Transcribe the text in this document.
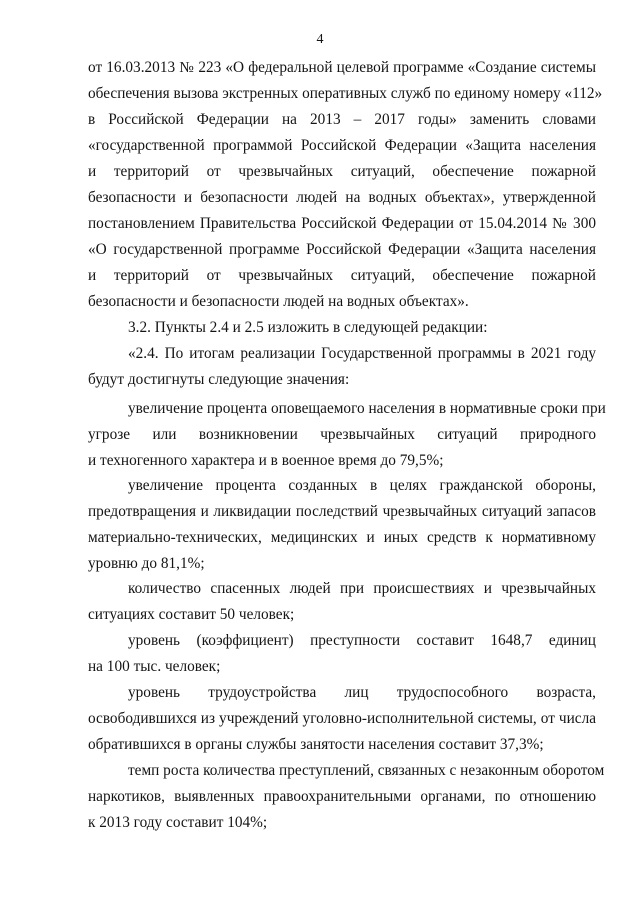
4
от 16.03.2013 № 223 «О федеральной целевой программе «Создание системы
обеспечения вызова экстренных оперативных служб по единому номеру «112»
в Российской Федерации на 2013 – 2017 годы» заменить словами
«государственной программой Российской Федерации «Защита населения
и территорий от чрезвычайных ситуаций, обеспечение пожарной
безопасности и безопасности людей на водных объектах», утвержденной
постановлением Правительства Российской Федерации от 15.04.2014 № 300
«О государственной программе Российской Федерации «Защита населения
и территорий от чрезвычайных ситуаций, обеспечение пожарной
безопасности и безопасности людей на водных объектах».
3.2. Пункты 2.4 и 2.5 изложить в следующей редакции:
«2.4. По итогам реализации Государственной программы в 2021 году
будут достигнуты следующие значения:
увеличение процента оповещаемого населения в нормативные сроки при
угрозе или возникновении чрезвычайных ситуаций природного
и техногенного характера и в военное время до 79,5%;
увеличение процента созданных в целях гражданской обороны,
предотвращения и ликвидации последствий чрезвычайных ситуаций запасов
материально-технических, медицинских и иных средств к нормативному
уровню до 81,1%;
количество спасенных людей при происшествиях и чрезвычайных
ситуациях составит 50 человек;
уровень (коэффициент) преступности составит 1648,7 единиц
на 100 тыс. человек;
уровень трудоустройства лиц трудоспособного возраста,
освободившихся из учреждений уголовно-исполнительной системы, от числа
обратившихся в органы службы занятости населения составит 37,3%;
темп роста количества преступлений, связанных с незаконным оборотом
наркотиков, выявленных правоохранительными органами, по отношению
к 2013 году составит 104%;
